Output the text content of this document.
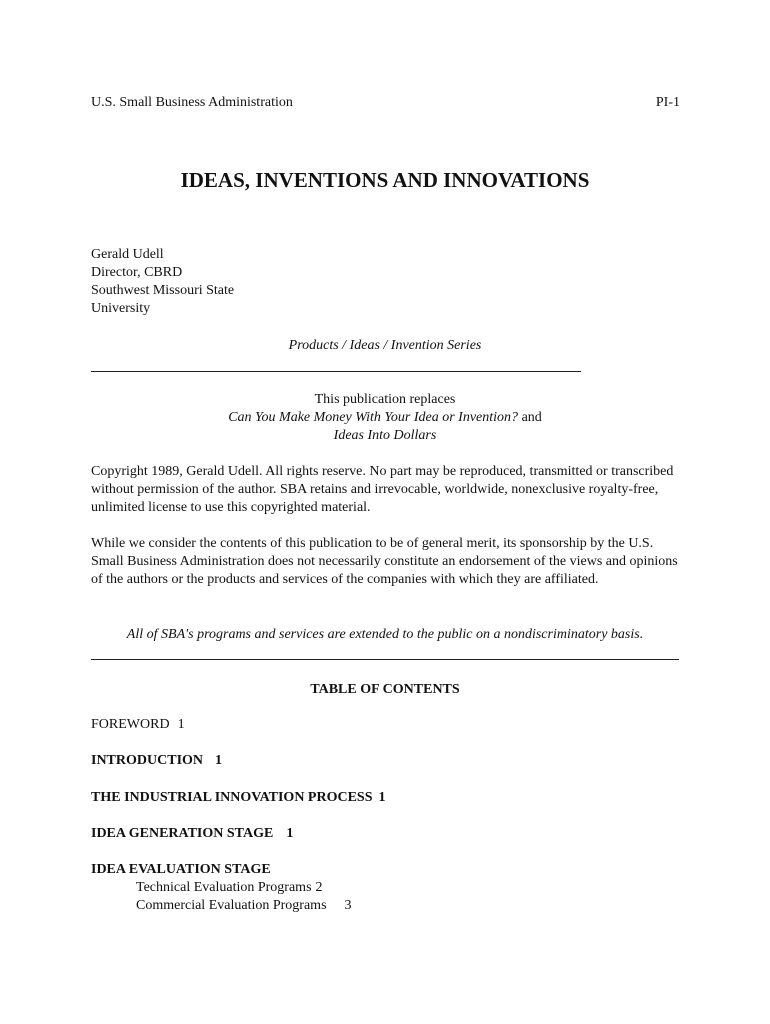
U.S. Small Business Administration	PI-1
IDEAS, INVENTIONS AND INNOVATIONS
Gerald Udell
Director, CBRD
Southwest Missouri State
University
Products / Ideas / Invention Series
This publication replaces
Can You Make Money With Your Idea or Invention? and
Ideas Into Dollars
Copyright 1989, Gerald Udell. All rights reserve. No part may be reproduced, transmitted or transcribed without permission of the author. SBA retains and irrevocable, worldwide, nonexclusive royalty-free, unlimited license to use this copyrighted material.
While we consider the contents of this publication to be of general merit, its sponsorship by the U.S. Small Business Administration does not necessarily constitute an endorsement of the views and opinions of the authors or the products and services of the companies with which they are affiliated.
All of SBA's programs and services are extended to the public on a nondiscriminatory basis.
TABLE OF CONTENTS
FOREWORD 1
INTRODUCTION 1
THE INDUSTRIAL INNOVATION PROCESS 1
IDEA GENERATION STAGE 1
IDEA EVALUATION STAGE
Technical Evaluation Programs 2
Commercial Evaluation Programs 3
